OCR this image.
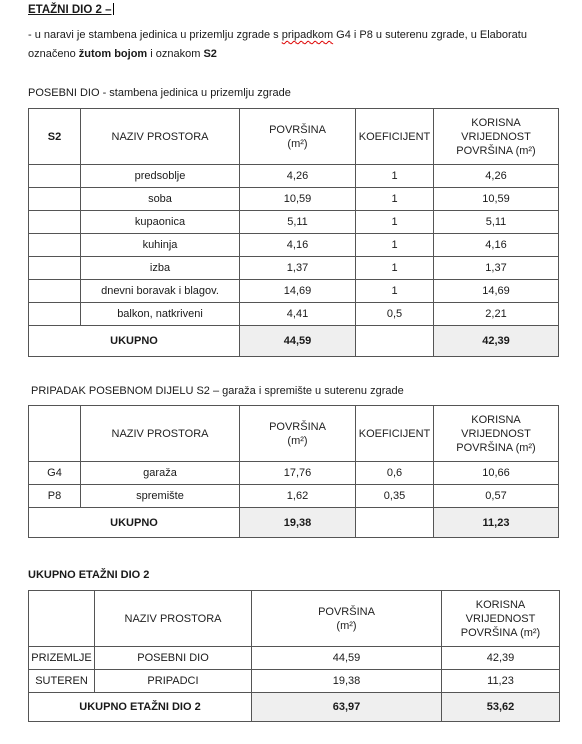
ETAŽNI DIO 2 –
- u naravi je stambena jedinica u prizemlju zgrade s pripadkom G4 i P8 u suterenu zgrade, u Elaboratu označeno žutom bojom i oznakom S2
POSEBNI DIO - stambena jedinica u prizemlju zgrade
S2	NAZIV PROSTORA	POVRŠINA (m²)	KOEFICIJENT	KORISNA VRIJEDNOST POVRŠINA (m²)
	predsoblje	4,26	1	4,26
	soba	10,59	1	10,59
	kupaonica	5,11	1	5,11
	kuhinja	4,16	1	4,16
	izba	1,37	1	1,37
	dnevni boravak i blagov.	14,69	1	14,69
	balkon, natkriveni	4,41	0,5	2,21
UKUPNO		44,59		42,39
PRIPADAK POSEBNOM DIJELU S2 – garaža i spremište u suterenu zgrade
	NAZIV PROSTORA	POVRŠINA (m²)	KOEFICIJENT	KORISNA VRIJEDNOST POVRŠINA (m²)
G4	garaža	17,76	0,6	10,66
P8	spremište	1,62	0,35	0,57
UKUPNO		19,38		11,23
UKUPNO ETAŽNI DIO 2
	NAZIV PROSTORA	POVRŠINA (m²)	KORISNA VRIJEDNOST POVRŠINA (m²)
PRIZEMLJE	POSEBNI DIO	44,59	42,39
SUTEREN	PRIPADCI	19,38	11,23
UKUPNO ETAŽNI DIO 2		63,97	53,62
